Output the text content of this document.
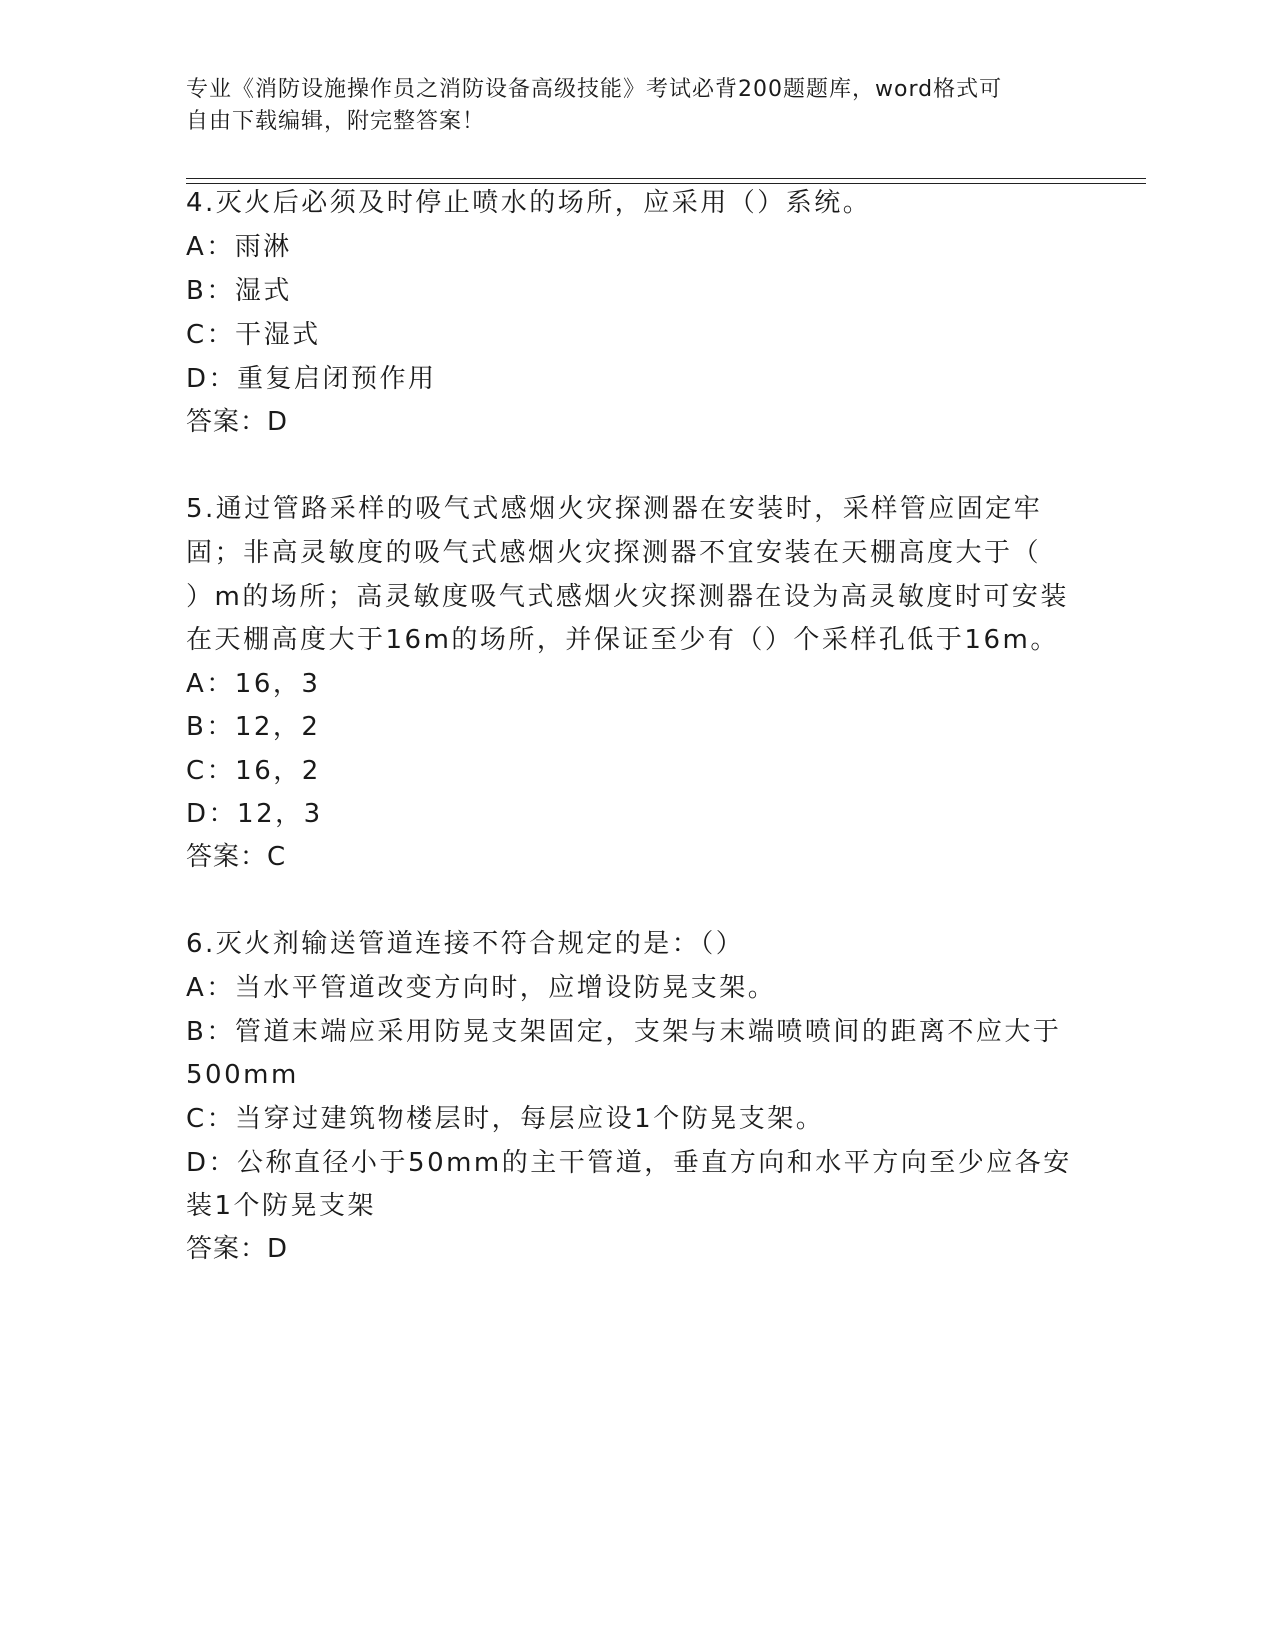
专业《消防设施操作员之消防设备高级技能》考试必背200题题库，word格式可
自由下载编辑，附完整答案！
4.灭火后必须及时停止喷水的场所，应采用（）系统。
A：雨淋
B：湿式
C：干湿式
D：重复启闭预作用
答案：D
5.通过管路采样的吸气式感烟火灾探测器在安装时，采样管应固定牢
固；非高灵敏度的吸气式感烟火灾探测器不宜安装在天棚高度大于（
）m的场所；高灵敏度吸气式感烟火灾探测器在设为高灵敏度时可安装
在天棚高度大于16m的场所，并保证至少有（）个采样孔低于16m。
A：16，3
B：12，2
C：16，2
D：12，3
答案：C
6.灭火剂输送管道连接不符合规定的是：（）
A：当水平管道改变方向时，应增设防晃支架。
B：管道末端应采用防晃支架固定，支架与末端喷喷间的距离不应大于
500mm
C：当穿过建筑物楼层时，每层应设1个防晃支架。
D：公称直径小于50mm的主干管道，垂直方向和水平方向至少应各安
装1个防晃支架
答案：D
